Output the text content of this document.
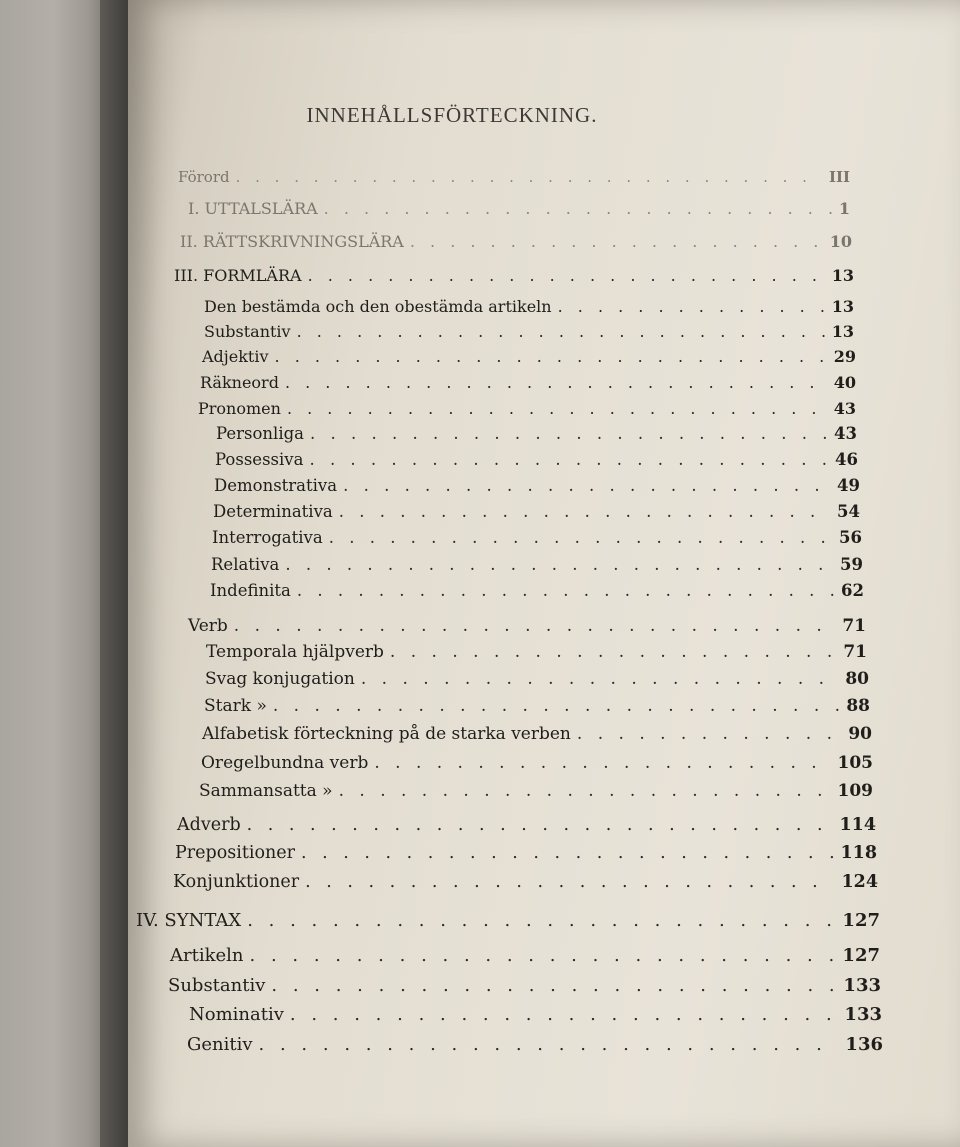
INNEHÅLLSFÖRTECKNING.
Förord . . .	III
I. UTTALSLÄRA . . .	1
II. RÄTTSKRIVNINGSLÄRA . . .	10
III. FORMLÄRA . . .	13
Den bestämda och den obestämda artikeln . . .	13
Substantiv . . .	13
Adjektiv . . .	29
Räkneord . . .	40
Pronomen . . .	43
Personliga . . .	43
Possessiva . . .	46
Demonstrativa . . .	49
Determinativa . . .	54
Interrogativa . . .	56
Relativa . . .	59
Indefinita . . .	62
Verb . . .	71
Temporala hjälpverb . . .	71
Svag konjugation . . .	80
Stark » . . .	88
Alfabetisk förteckning på de starka verben . . .	90
Oregelbundna verb . . .	105
Sammansatta » . . .	109
Adverb . . .	114
Prepositioner . . .	118
Konjunktioner . . .	124
IV. SYNTAX . . .	127
Artikeln . . .	127
Substantiv . . .	133
Nominativ . . .	133
Genitiv . . .	136
